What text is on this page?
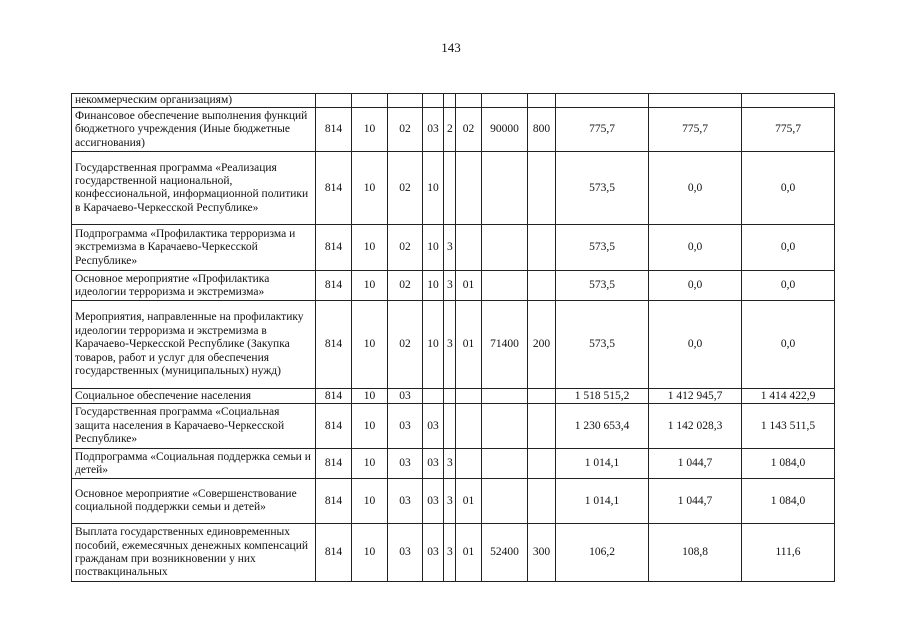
143
некоммерческим организациям)											
Финансовое обеспечение выполнения функций бюджетного учреждения (Иные бюджетные ассигнования)	814	10	02	03	2	02	90000	800	775,7	775,7	775,7
Государственная программа «Реализация государственной национальной, конфессиональной, информационной политики в Карачаево-Черкесской Республике»	814	10	02	10					573,5	0,0	0,0
Подпрограмма «Профилактика терроризма и экстремизма в Карачаево-Черкесской Республике»	814	10	02	10	3				573,5	0,0	0,0
Основное мероприятие «Профилактика идеологии терроризма и экстремизма»	814	10	02	10	3	01			573,5	0,0	0,0
Мероприятия, направленные на профилактику идеологии терроризма и экстремизма в Карачаево-Черкесской Республике (Закупка товаров, работ и услуг для обеспечения государственных (муниципальных) нужд)	814	10	02	10	3	01	71400	200	573,5	0,0	0,0
Социальное обеспечение населения	814	10	03						1 518 515,2	1 412 945,7	1 414 422,9
Государственная программа «Социальная защита населения в Карачаево-Черкесской Республике»	814	10	03	03					1 230 653,4	1 142 028,3	1 143 511,5
Подпрограмма «Социальная поддержка семьи и детей»	814	10	03	03	3				1 014,1	1 044,7	1 084,0
Основное мероприятие «Совершенствование социальной поддержки семьи и детей»	814	10	03	03	3	01			1 014,1	1 044,7	1 084,0
Выплата государственных единовременных пособий, ежемесячных денежных компенсаций гражданам при возникновении у них поствакцинальных	814	10	03	03	3	01	52400	300	106,2	108,8	111,6
